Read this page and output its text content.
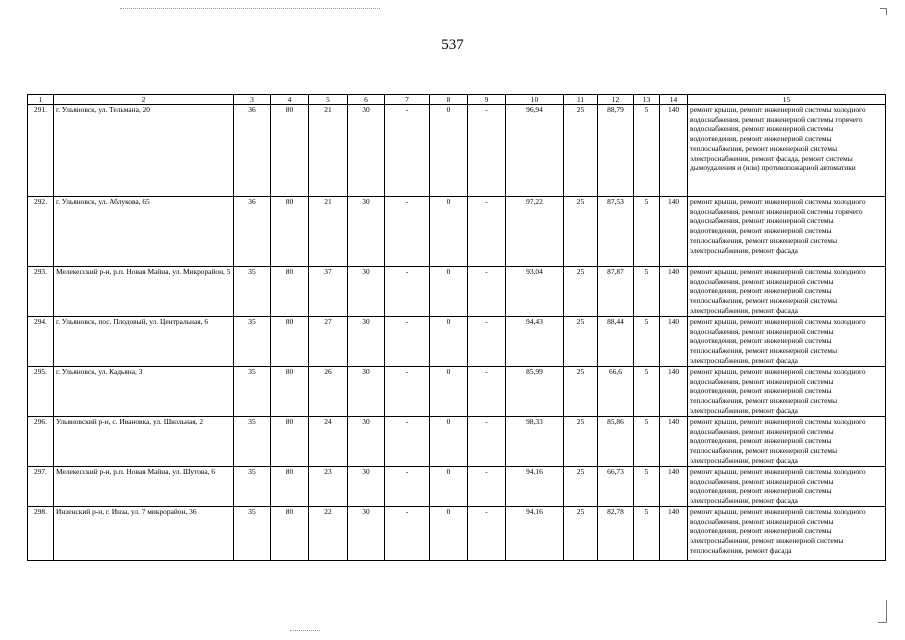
537
1	2	3	4	5	6	7	8	9	10	11	12	13	14	15
291.	г. Ульяновск, ул. Тельмана, 20	36	80	21	30	-	0	-	96,94	25	88,79	5	140	ремонт крыши, ремонт инженерной системы холодного водоснабжения, ремонт инженерной системы горячего водоснабжения, ремонт инженерной системы водоотведения, ремонт инженерной системы теплоснабжения, ремонт инженерной системы электроснабжения, ремонт фасада, ремонт системы дымоудаления и (или) противопожарной автоматики
292.	г. Ульяновск, ул. Аблукова, 65	36	80	21	30	-	0	-	97,22	25	87,53	5	140	ремонт крыши, ремонт инженерной системы холодного водоснабжения, ремонт инженерной системы горячего водоснабжения, ремонт инженерной системы водоотведения, ремонт инженерной системы теплоснабжения, ремонт инженерной системы электроснабжения, ремонт фасада
293.	Мелекесский р-н, р.п. Новая Майна, ул. Микрорайон, 5	35	80	37	30	-	0	-	93,04	25	87,87	5	140	ремонт крыши, ремонт инженерной системы холодного водоснабжения, ремонт инженерной системы водоотведения, ремонт инженерной системы теплоснабжения, ремонт инженерной системы электроснабжения, ремонт фасада
294.	г. Ульяновск, пос. Плодовый, ул. Центральная, 6	35	80	27	30	-	0	-	94,43	25	88,44	5	140	ремонт крыши, ремонт инженерной системы холодного водоснабжения, ремонт инженерной системы водоотведения, ремонт инженерной системы теплоснабжения, ремонт инженерной системы электроснабжения, ремонт фасада
295.	г. Ульяновск, ул. Кадьяна, 3	35	80	26	30	-	0	-	85,99	25	66,6	5	140	ремонт крыши, ремонт инженерной системы холодного водоснабжения, ремонт инженерной системы водоотведения, ремонт инженерной системы теплоснабжения, ремонт инженерной системы электроснабжения, ремонт фасада
296.	Ульяновский р-н, с. Ивановка, ул. Школьная, 2	35	80	24	30	-	0	-	98,33	25	85,86	5	140	ремонт крыши, ремонт инженерной системы холодного водоснабжения, ремонт инженерной системы водоотведения, ремонт инженерной системы теплоснабжения, ремонт инженерной системы электроснабжения, ремонт фасада
297.	Мелекесский р-н, р.п. Новая Майна, ул. Шутова, 6	35	80	23	30	-	0	-	94,16	25	66,73	5	140	ремонт крыши, ремонт инженерной системы холодного водоснабжения, ремонт инженерной системы водоотведения, ремонт инженерной системы электроснабжения, ремонт фасада
298.	Инзенский р-н, г. Инза, ул. 7 микрорайон, 36	35	80	22	30	-	0	-	94,16	25	82,78	5	140	ремонт крыши, ремонт инженерной системы холодного водоснабжения, ремонт инженерной системы водоотведения, ремонт инженерной системы электроснабжения, ремонт инженерной системы теплоснабжения, ремонт фасада
